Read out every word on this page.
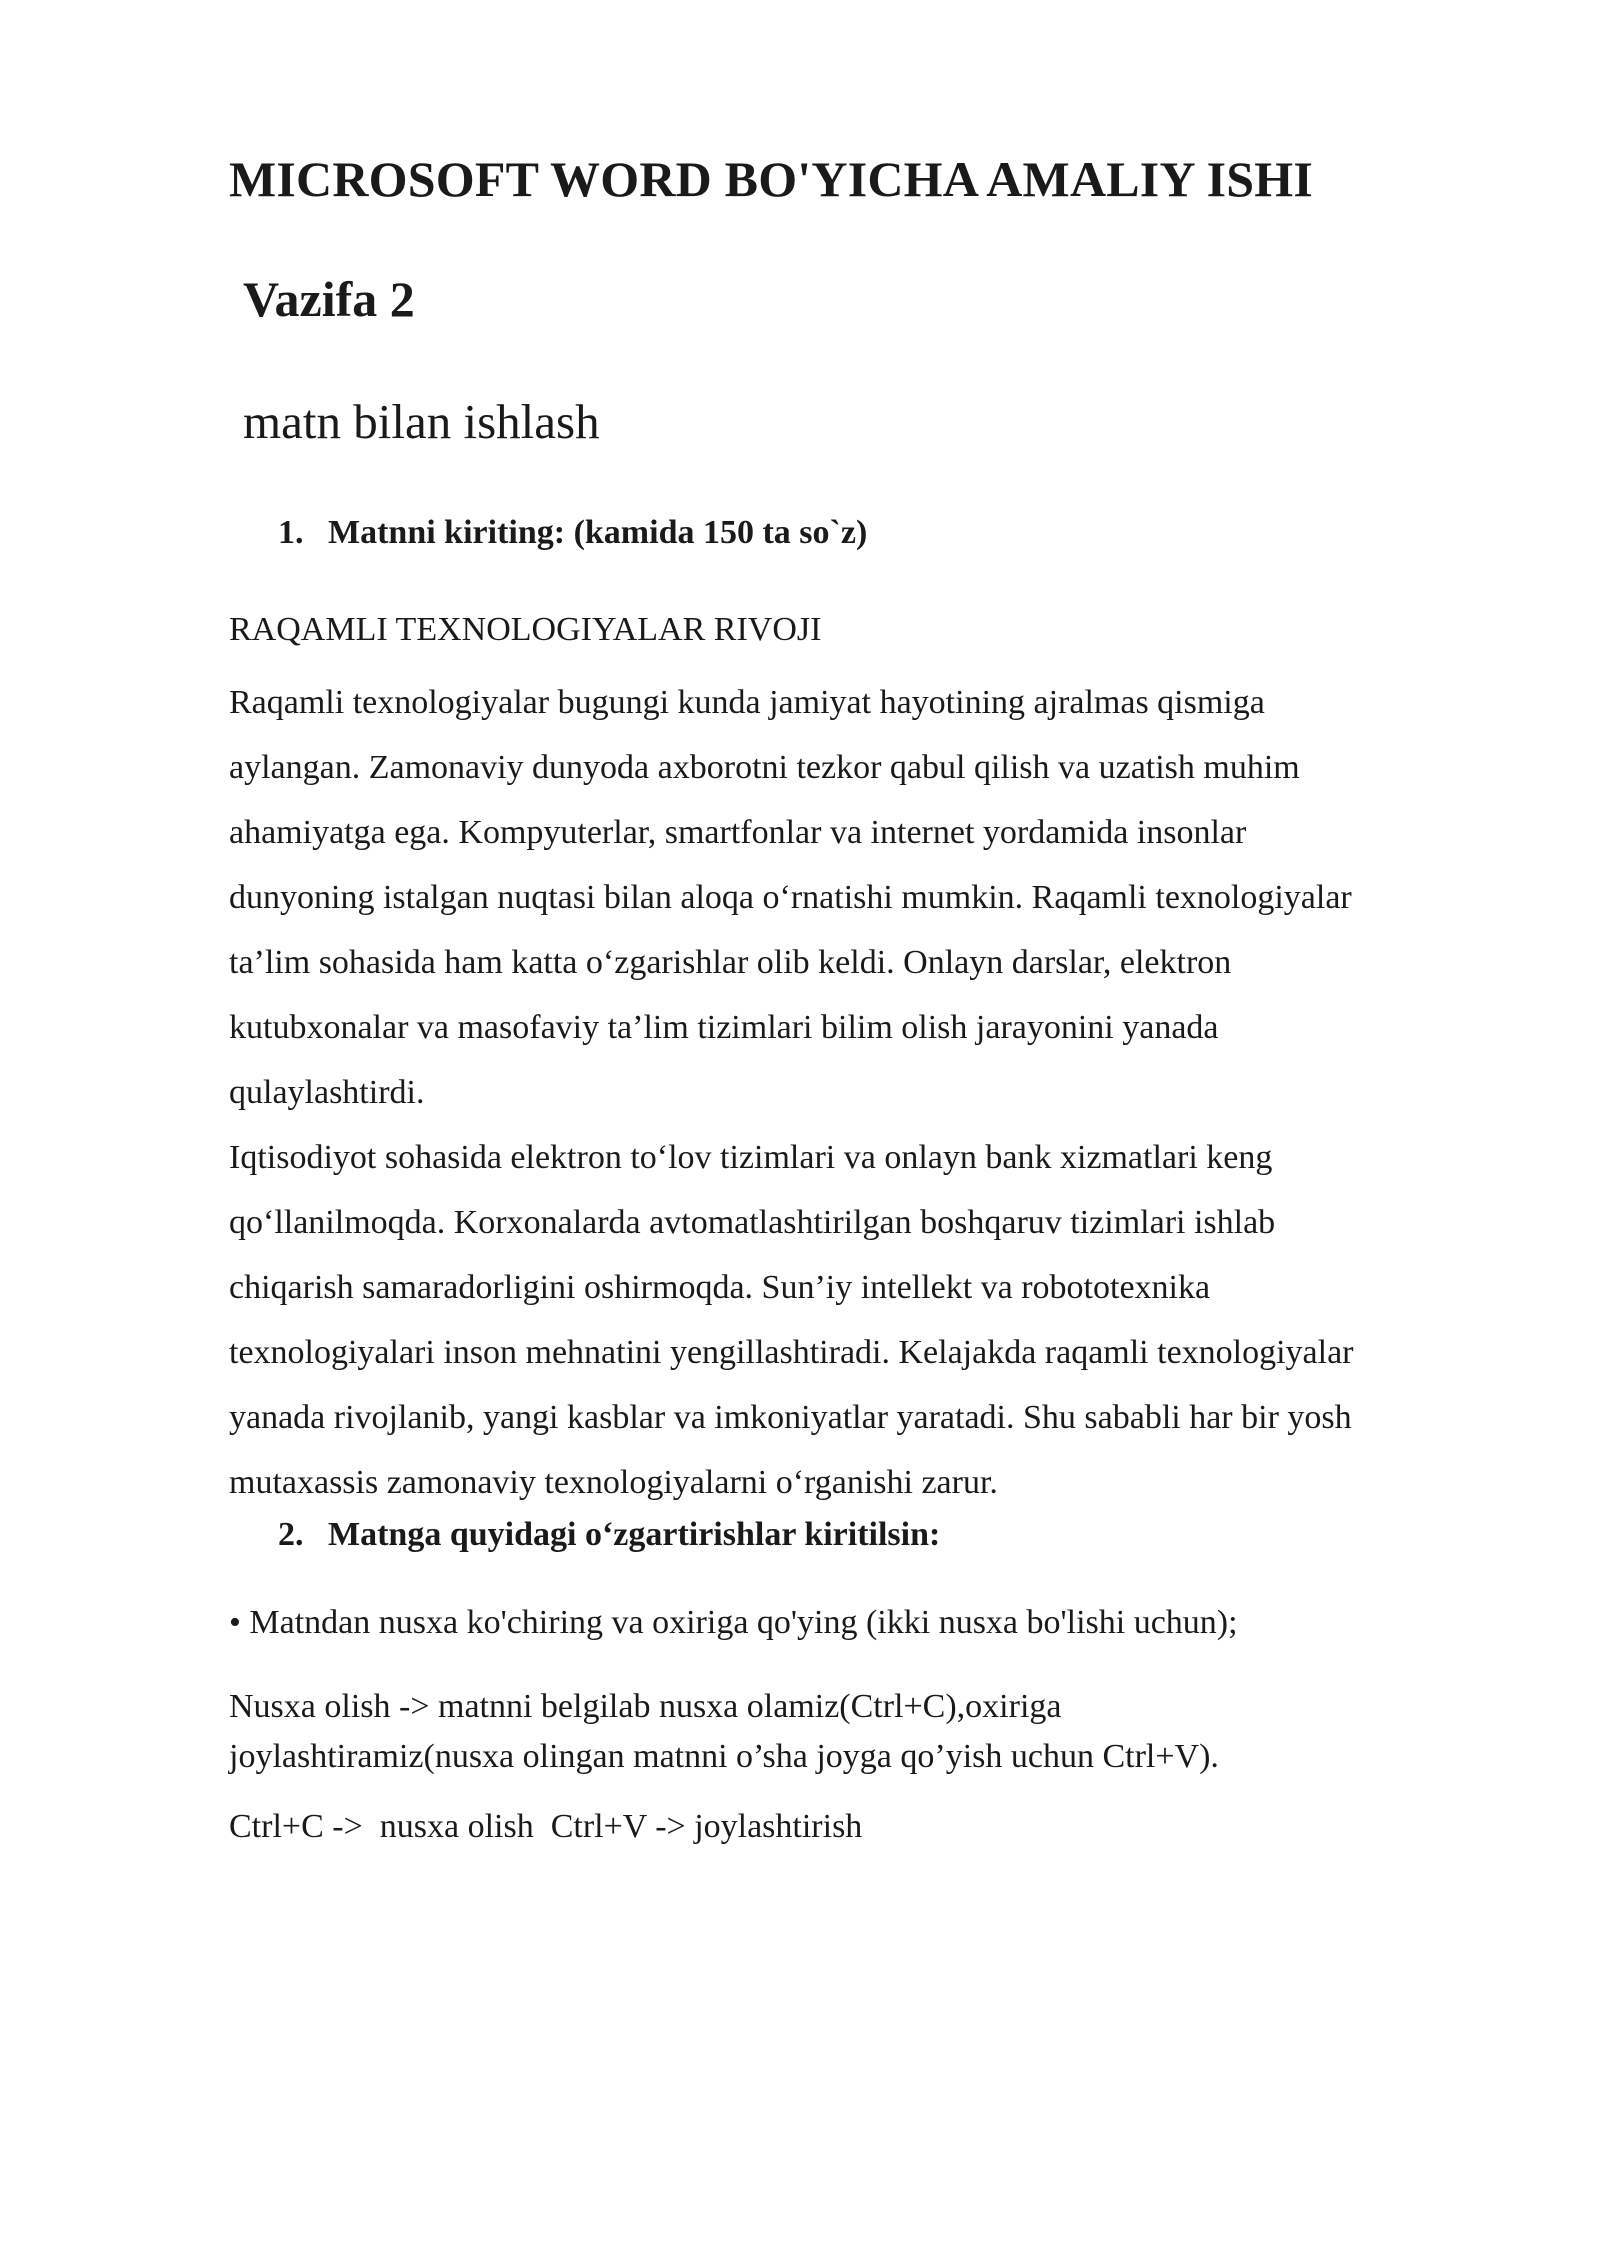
MICROSOFT WORD BO'YICHA AMALIY ISHI
Vazifa 2

matn bilan ishlash

1. Matnni kiriting: (kamida 150 ta so`z)

RAQAMLI TEXNOLOGIYALAR RIVOJI

Raqamli texnologiyalar bugungi kunda jamiyat hayotining ajralmas qismiga
aylangan. Zamonaviy dunyoda axborotni tezkor qabul qilish va uzatish muhim
ahamiyatga ega. Kompyuterlar, smartfonlar va internet yordamida insonlar
dunyoning istalgan nuqtasi bilan aloqa o‘rnatishi mumkin. Raqamli texnologiyalar
ta’lim sohasida ham katta o‘zgarishlar olib keldi. Onlayn darslar, elektron
kutubxonalar va masofaviy ta’lim tizimlari bilim olish jarayonini yanada
qulaylashtirdi.

Iqtisodiyot sohasida elektron to‘lov tizimlari va onlayn bank xizmatlari keng
qo‘llanilmoqda. Korxonalarda avtomatlashtirilgan boshqaruv tizimlari ishlab
chiqarish samaradorligini oshirmoqda. Sun’iy intellekt va robototexnika
texnologiyalari inson mehnatini yengillashtiradi. Kelajakda raqamli texnologiyalar
yanada rivojlanib, yangi kasblar va imkoniyatlar yaratadi. Shu sababli har bir yosh
mutaxassis zamonaviy texnologiyalarni o‘rganishi zarur.

2. Matnga quyidagi o‘zgartirishlar kiritilsin:

• Matndan nusxa ko'chiring va oxiriga qo'ying (ikki nusxa bo'lishi uchun);

Nusxa olish -> matnni belgilab nusxa olamiz(Ctrl+C),oxiriga
joylashtiramiz(nusxa olingan matnni o’sha joyga qo’yish uchun Ctrl+V).

Ctrl+C ->  nusxa olish  Ctrl+V -> joylashtirish
